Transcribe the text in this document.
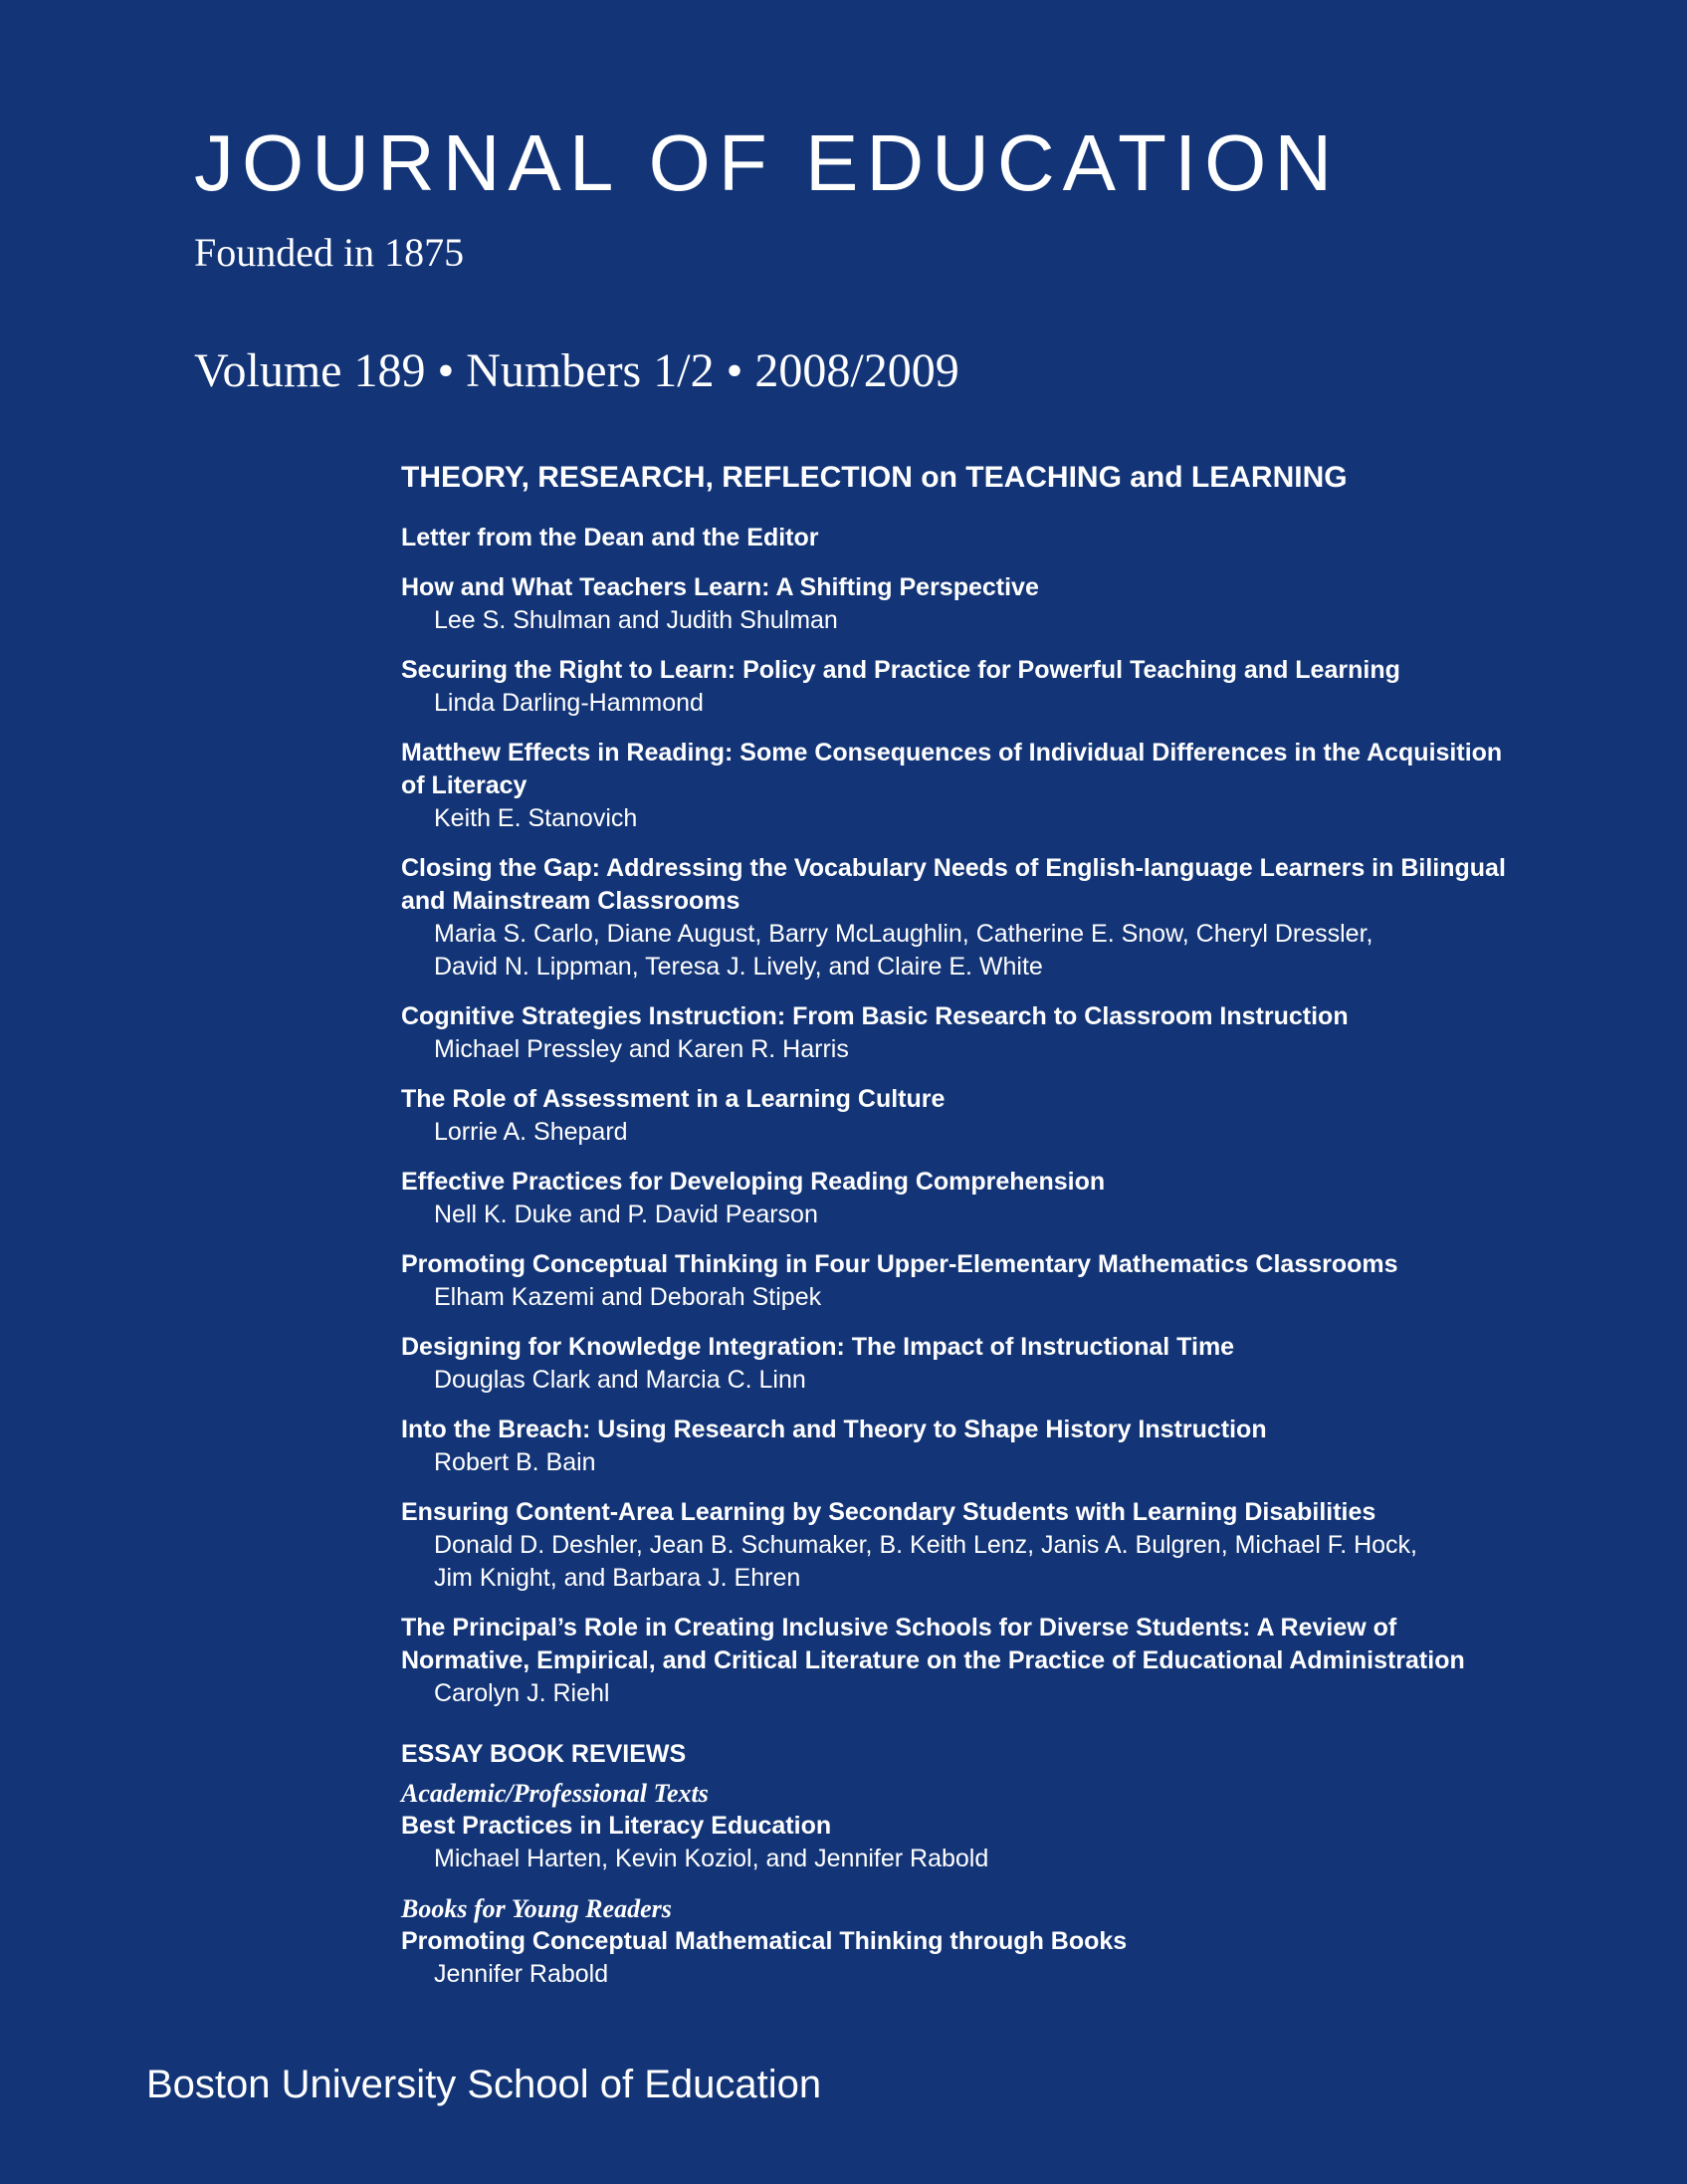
JOURNAL OF EDUCATION
Founded in 1875
Volume 189 • Numbers 1/2 • 2008/2009
THEORY, RESEARCH, REFLECTION on TEACHING and LEARNING
Letter from the Dean and the Editor
How and What Teachers Learn: A Shifting Perspective
Lee S. Shulman and Judith Shulman
Securing the Right to Learn: Policy and Practice for Powerful Teaching and Learning
Linda Darling-Hammond
Matthew Effects in Reading: Some Consequences of Individual Differences in the Acquisition of Literacy
Keith E. Stanovich
Closing the Gap: Addressing the Vocabulary Needs of English-language Learners in Bilingual and Mainstream Classrooms
Maria S. Carlo, Diane August, Barry McLaughlin, Catherine E. Snow, Cheryl Dressler,
David N. Lippman, Teresa J. Lively, and Claire E. White
Cognitive Strategies Instruction: From Basic Research to Classroom Instruction
Michael Pressley and Karen R. Harris
The Role of Assessment in a Learning Culture
Lorrie A. Shepard
Effective Practices for Developing Reading Comprehension
Nell K. Duke and P. David Pearson
Promoting Conceptual Thinking in Four Upper-Elementary Mathematics Classrooms
Elham Kazemi and Deborah Stipek
Designing for Knowledge Integration: The Impact of Instructional Time
Douglas Clark and Marcia C. Linn
Into the Breach: Using Research and Theory to Shape History Instruction
Robert B. Bain
Ensuring Content-Area Learning by Secondary Students with Learning Disabilities
Donald D. Deshler, Jean B. Schumaker, B. Keith Lenz, Janis A. Bulgren, Michael F. Hock,
Jim Knight, and Barbara J. Ehren
The Principal’s Role in Creating Inclusive Schools for Diverse Students: A Review of Normative, Empirical, and Critical Literature on the Practice of Educational Administration
Carolyn J. Riehl
ESSAY BOOK REVIEWS
Academic/Professional Texts
Best Practices in Literacy Education
Michael Harten, Kevin Koziol, and Jennifer Rabold
Books for Young Readers
Promoting Conceptual Mathematical Thinking through Books
Jennifer Rabold
Boston University School of Education
